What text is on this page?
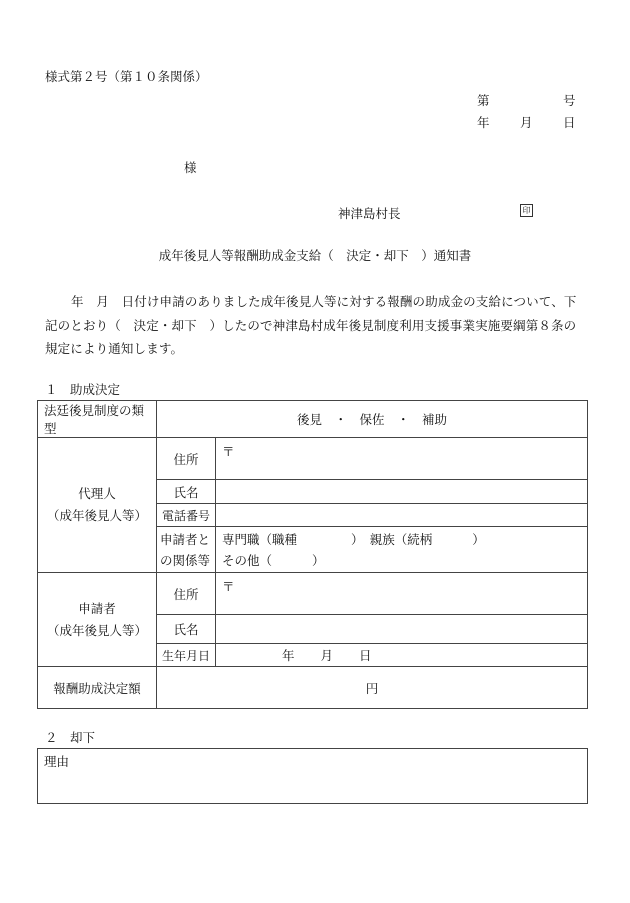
様式第２号（第１０条関係）
第	号
年 月 日
様
神津島村長	印
成年後見人等報酬助成金支給（　決定・却下　）通知書
年　月　日付け申請のありました成年後見人等に対する報酬の助成金の支給について、下記のとおり（　決定・却下　）したので神津島村成年後見制度利用支援事業実施要綱第８条の規定により通知します。
１　助成決定
法廷後見制度の類型	後見　・　保佐　・　補助	

代理人
（成年後見人等）	住所	〒
	氏名	
	電話番号	

	申請者と
の関係等	専門職（職種 ）　親族（続柄 ）
その他（ ）

申請者
（成年後見人等）	住所	〒
	氏名	
	生年月日	年 月 日
報酬助成決定額	円	
２　却下
理由
